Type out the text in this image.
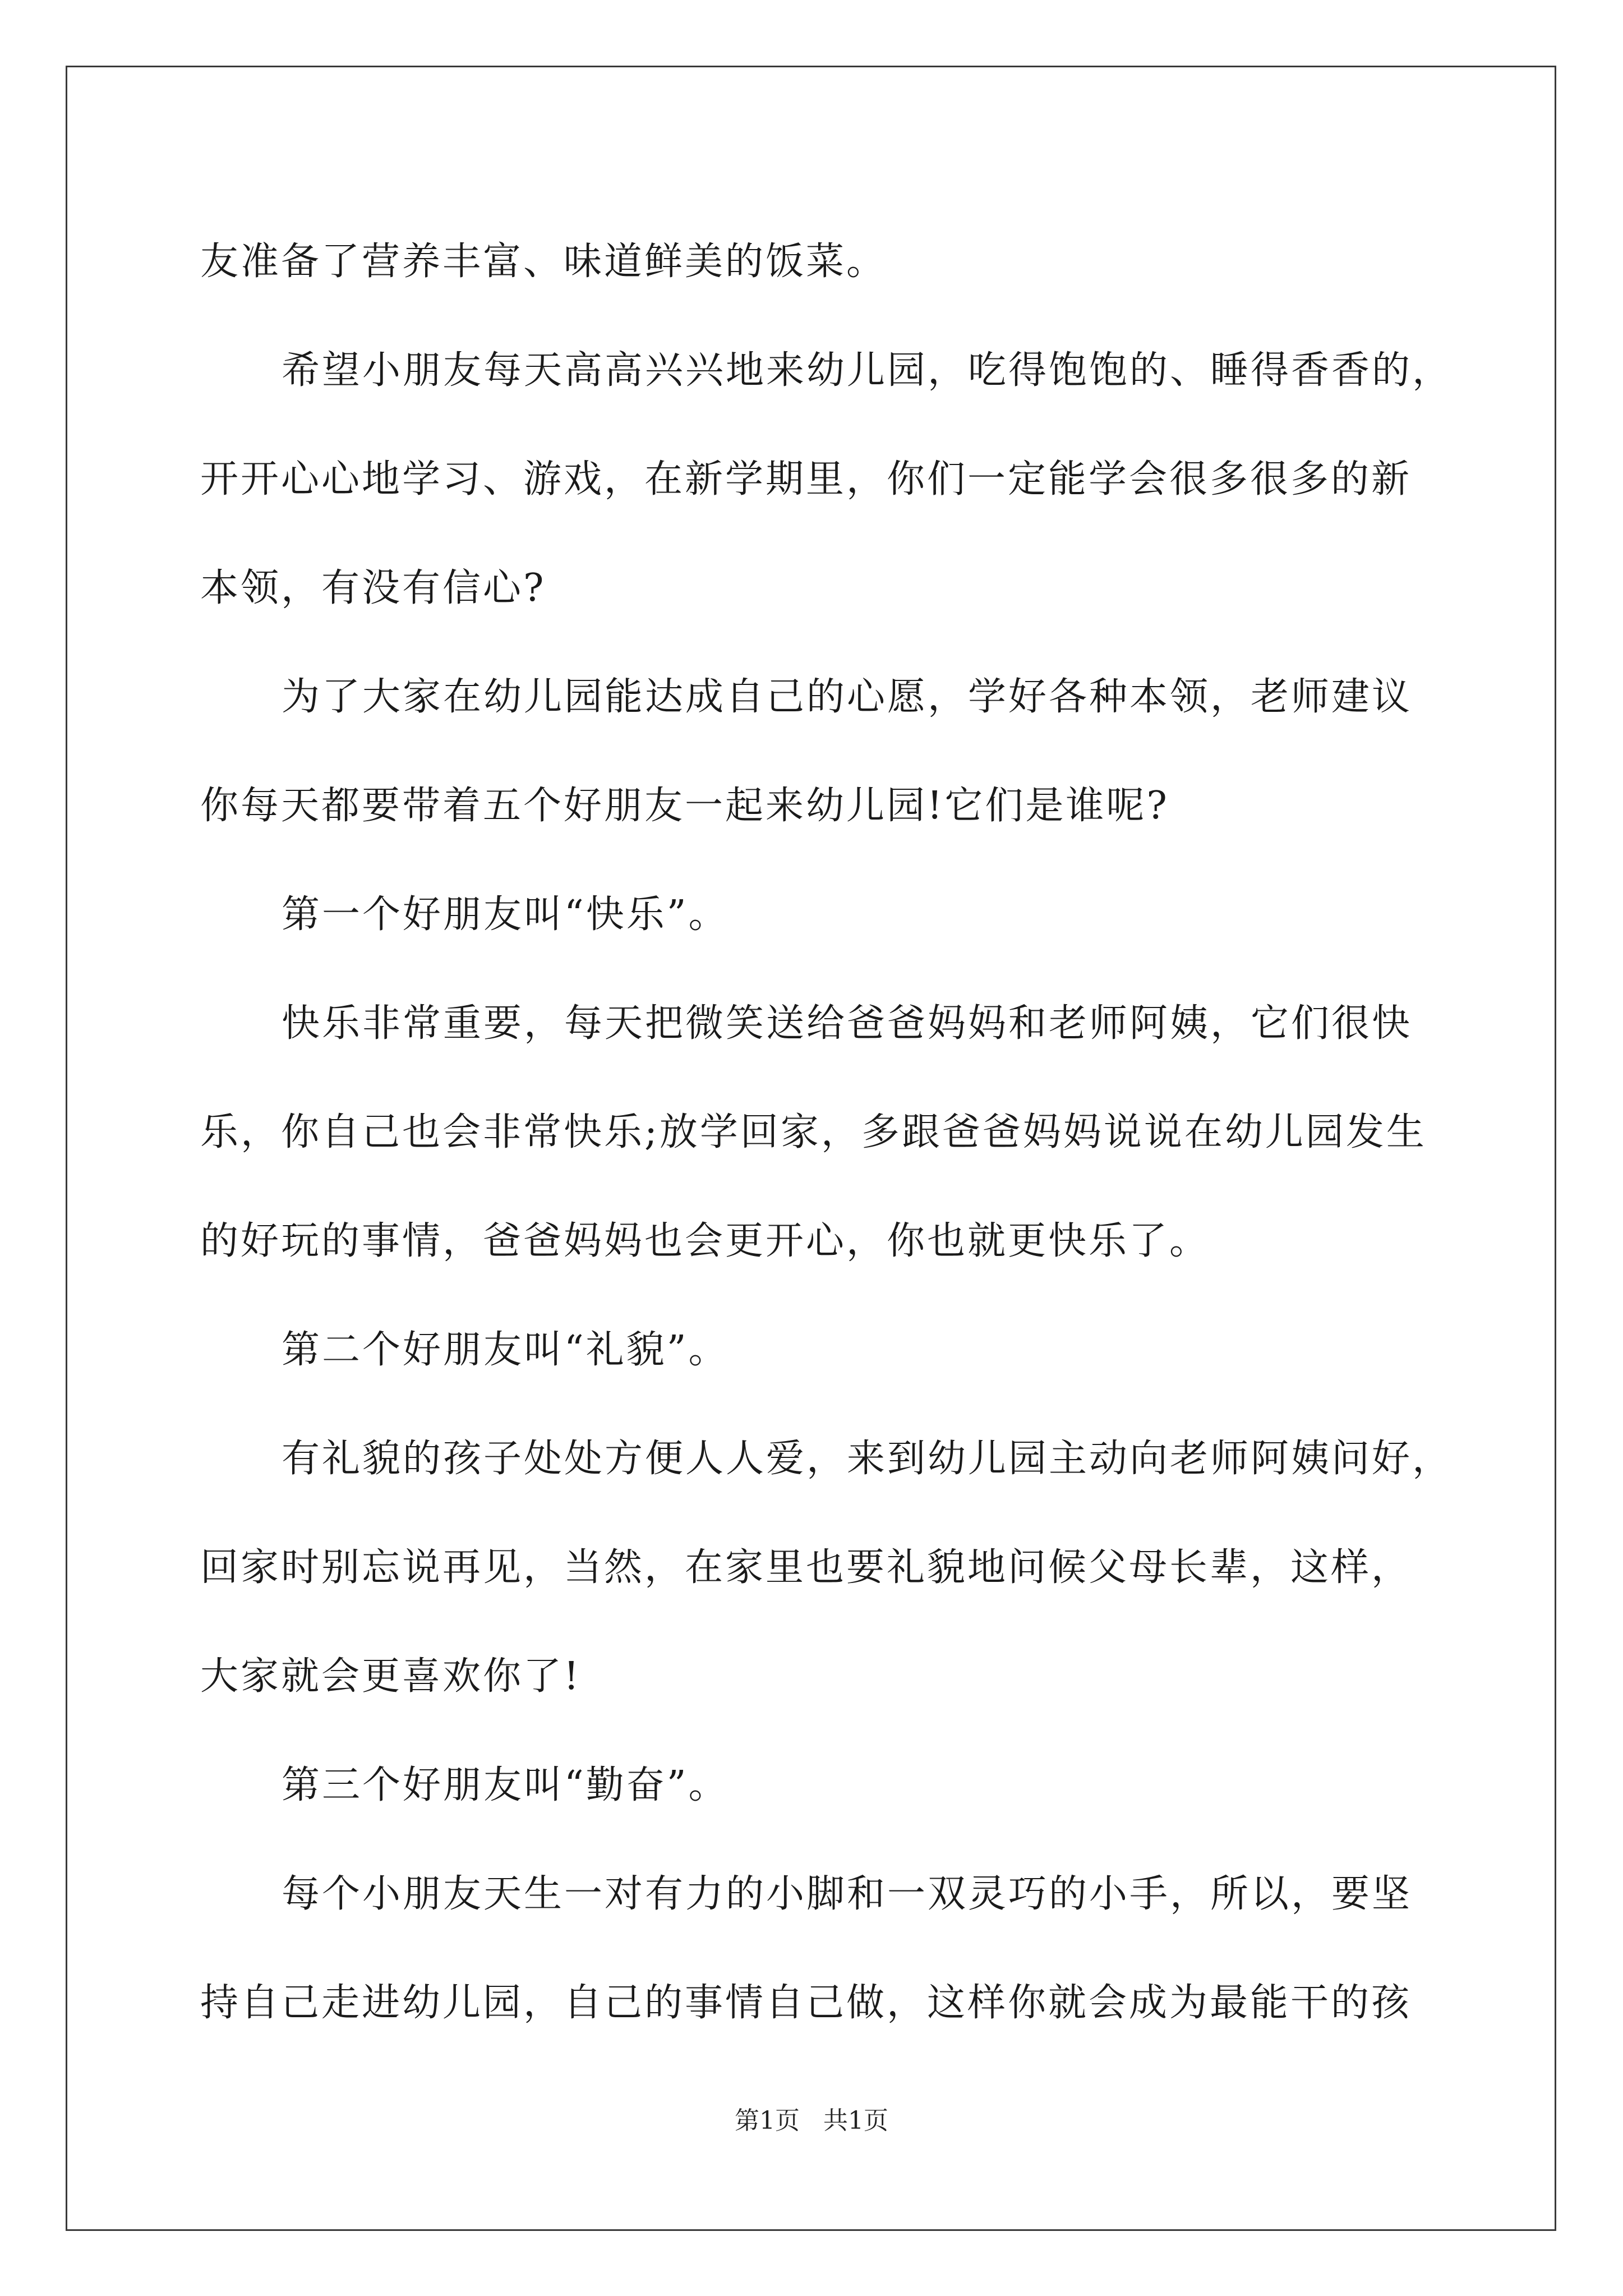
友准备了营养丰富、味道鲜美的饭菜。
希望小朋友每天高高兴兴地来幼儿园，吃得饱饱的、睡得香香的，
开开心心地学习、游戏，在新学期里，你们一定能学会很多很多的新
本领，有没有信心?
为了大家在幼儿园能达成自己的心愿，学好各种本领，老师建议
你每天都要带着五个好朋友一起来幼儿园!它们是谁呢?
第一个好朋友叫“快乐”。
快乐非常重要，每天把微笑送给爸爸妈妈和老师阿姨，它们很快
乐，你自己也会非常快乐;放学回家，多跟爸爸妈妈说说在幼儿园发生
的好玩的事情，爸爸妈妈也会更开心，你也就更快乐了。
第二个好朋友叫“礼貌”。
有礼貌的孩子处处方便人人爱，来到幼儿园主动向老师阿姨问好，
回家时别忘说再见，当然，在家里也要礼貌地问候父母长辈，这样，
大家就会更喜欢你了!
第三个好朋友叫“勤奋”。
每个小朋友天生一对有力的小脚和一双灵巧的小手，所以，要坚
持自己走进幼儿园，自己的事情自己做，这样你就会成为最能干的孩
第1页   共1页
